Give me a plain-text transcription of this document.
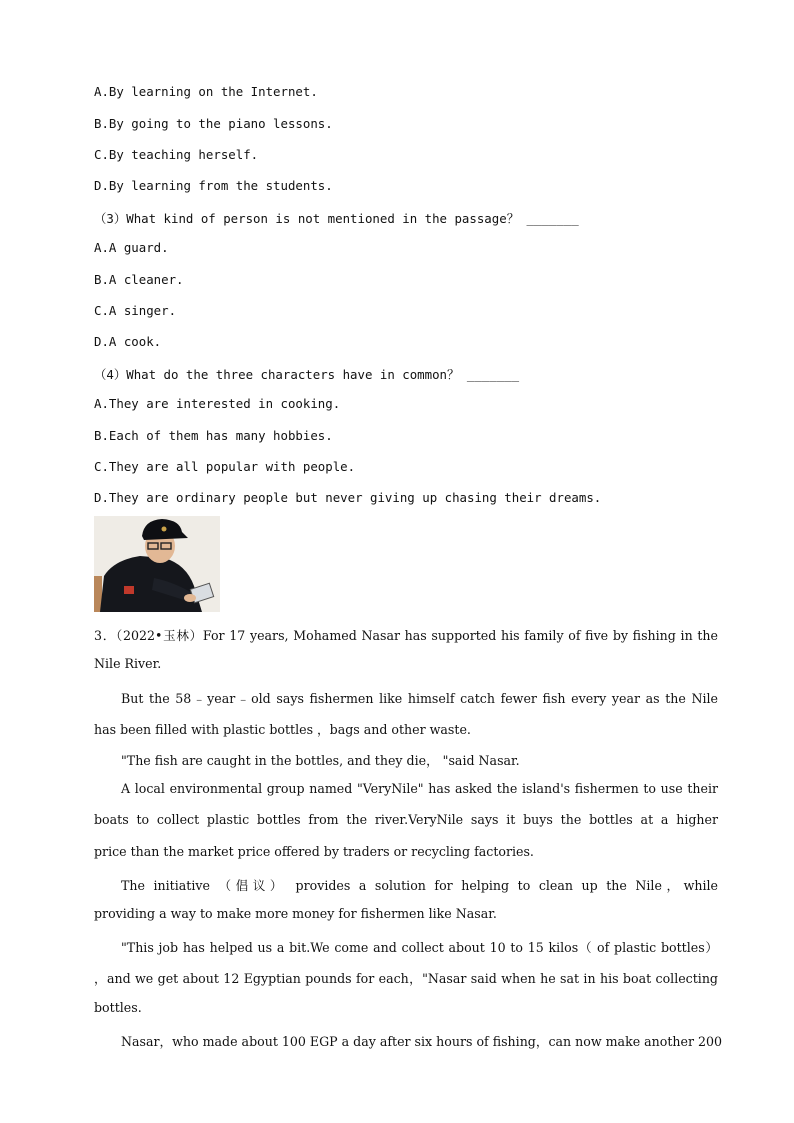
A.By learning on the Internet.
B.By going to the piano lessons.
C.By teaching herself.
D.By learning from the students.
（3）What kind of person is not mentioned in the passage？ _______
A.A guard.
B.A cleaner.
C.A singer.
D.A cook.
（4）What do the three characters have in common？ _______
A.They are interested in cooking.
B.Each of them has many hobbies.
C.They are all popular with people.
D.They are ordinary people but never giving up chasing their dreams.
3．（2022•玉林）For 17 years, Mohamed Nasar has supported his family of five by fishing in the
Nile River.
But the 58﹣year﹣old says fishermen like himself catch fewer fish every year as the Nile
has been filled with plastic bottles ，bags and other waste.
"The fish are caught in the bottles, and they die， "said Nasar.
A local environmental group named "VeryNile" has asked the island's fishermen to use their
boats to collect plastic bottles from the river.VeryNile says it buys the bottles at a higher
price than the market price offered by traders or recycling factories.
The initiative （倡议） provides a solution for helping to clean up the Nile，while
providing a way to make more money for fishermen like Nasar.
"This job has helped us a bit.We come and collect about 10 to 15 kilos（ of plastic bottles）
，and we get about 12 Egyptian pounds for each，"Nasar said when he sat in his boat collecting
bottles.
Nasar，who made about 100 EGP a day after six hours of fishing，can now make another 200
